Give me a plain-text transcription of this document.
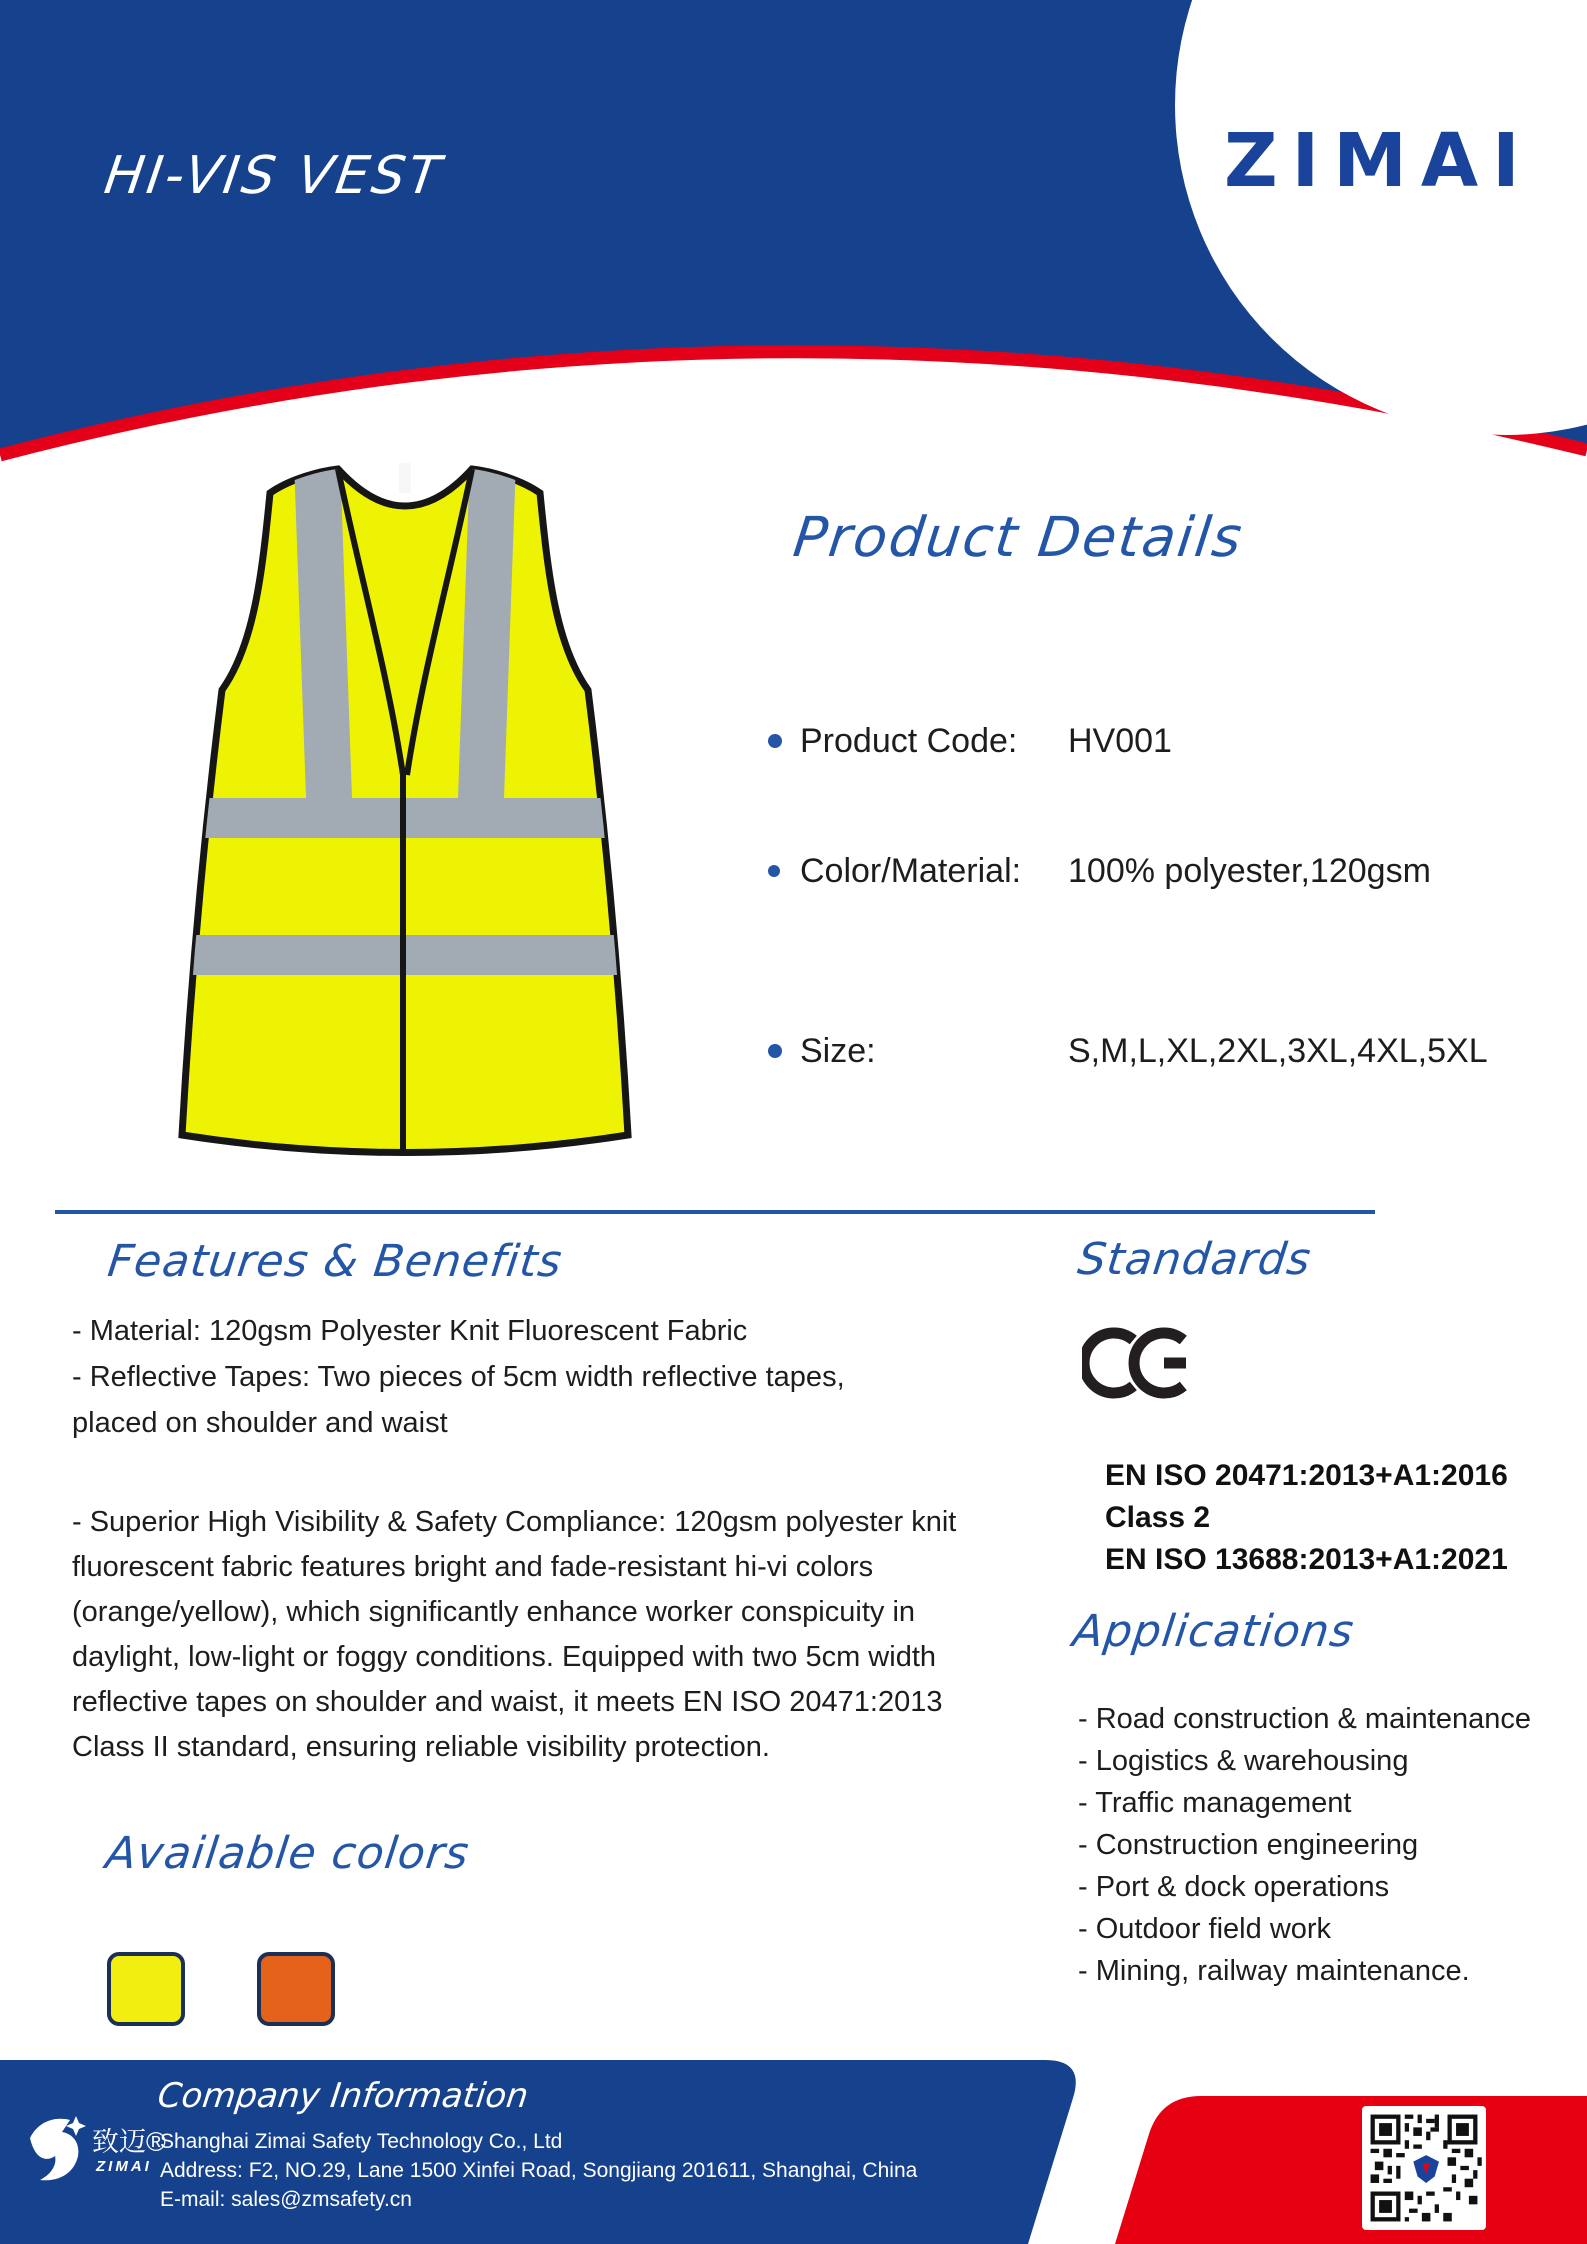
HI-VIS VEST	ZIMAI
Product Details
Product Code: HV001
Color/Material: 100% polyester,120gsm
Size:	S,M,L,XL,2XL,3XL,4XL,5XL
Features & Benefits
- Material: 120gsm Polyester Knit Fluorescent Fabric
- Reflective Tapes: Two pieces of 5cm width reflective tapes, placed on shoulder and waist
- Superior High Visibility & Safety Compliance: 120gsm polyester knit fluorescent fabric features bright and fade-resistant hi-vi colors (orange/yellow), which significantly enhance worker conspicuity in daylight, low-light or foggy conditions. Equipped with two 5cm width reflective tapes on shoulder and waist, it meets EN ISO 20471:2013 Class II standard, ensuring reliable visibility protection.
Standards
EN ISO 20471:2013+A1:2016
Class 2
EN ISO 13688:2013+A1:2021
Applications
- Road construction & maintenance
- Logistics & warehousing
- Traffic management
- Construction engineering
- Port & dock operations
- Outdoor field work
- Mining, railway maintenance.
Available colors
Company Information
致迈®
ZIMAI
Shanghai Zimai Safety Technology Co., Ltd
Address: F2, NO.29, Lane 1500 Xinfei Road, Songjiang 201611, Shanghai, China
E-mail: sales@zmsafety.cn
